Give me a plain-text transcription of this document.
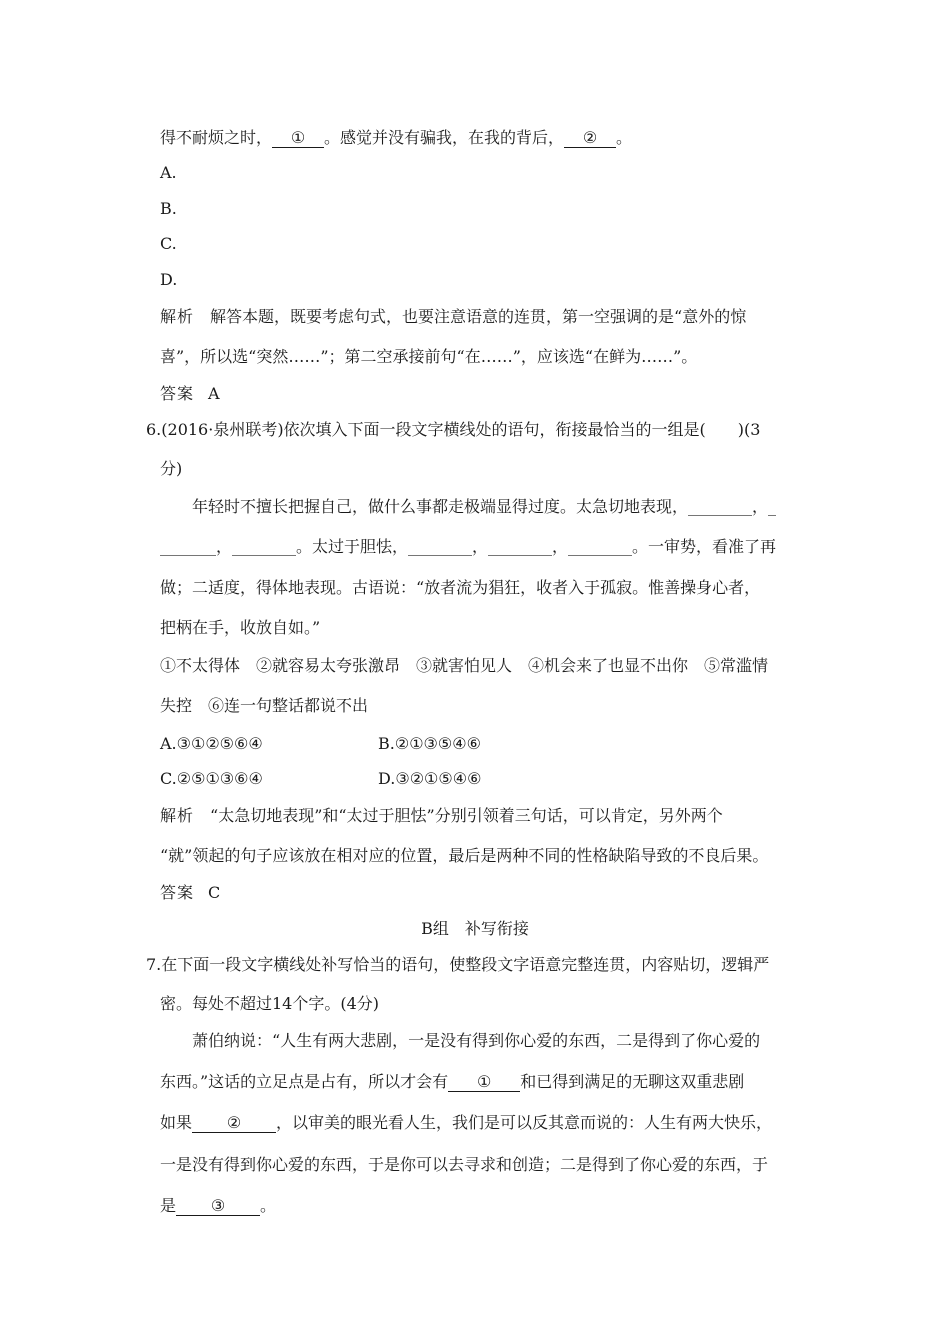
得不耐烦之时， ① 。感觉并没有骗我，在我的背后， ② 。
A.
B.
C.
D.
解析 解答本题，既要考虑句式，也要注意语意的连贯，第一空强调的是“意外的惊
喜”，所以选“突然……”；第二空承接前句“在……”，应该选“在鲜为……”。
答案 A
6.(2016·泉州联考)依次填入下面一段文字横线处的语句，衔接最恰当的一组是(　　)(3
分)
年轻时不擅长把握自己，做什么事都走极端显得过度。太急切地表现，________，_
_______，________。太过于胆怯，________，________，________。一审势，看准了再
做；二适度，得体地表现。古语说：“放者流为猖狂，收者入于孤寂。惟善操身心者，
把柄在手，收放自如。”
①不太得体　②就容易太夸张激昂　③就害怕见人　④机会来了也显不出你　⑤常滥情
失控　⑥连一句整话都说不出
A.③①②⑤⑥④	B.②①③⑤④⑥
C.②⑤①③⑥④	D.③②①⑤④⑥
解析 “太急切地表现”和“太过于胆怯”分别引领着三句话，可以肯定，另外两个
“就”领起的句子应该放在相对应的位置，最后是两种不同的性格缺陷导致的不良后果。
答案 C
B组　补写衔接
7.在下面一段文字横线处补写恰当的语句，使整段文字语意完整连贯，内容贴切，逻辑严
密。每处不超过14个字。(4分)
萧伯纳说：“人生有两大悲剧，一是没有得到你心爱的东西，二是得到了你心爱的
东西。”这话的立足点是占有，所以才会有 ① 和已得到满足的无聊这双重悲剧
如果 ② ，以审美的眼光看人生，我们是可以反其意而说的：人生有两大快乐，
一是没有得到你心爱的东西，于是你可以去寻求和创造；二是得到了你心爱的东西，于
是 ③ 。
